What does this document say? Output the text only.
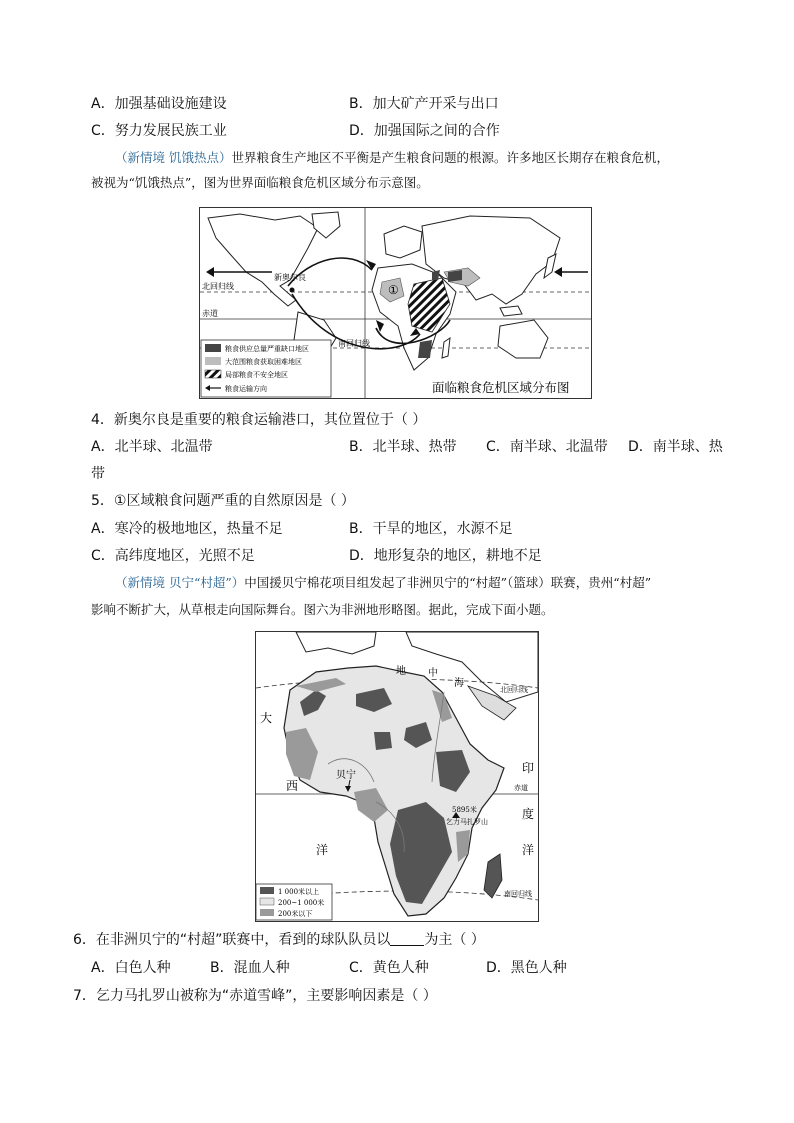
A．加强基础设施建设	B．加大矿产开采与出口
C．努力发展民族工业	D．加强国际之间的合作
（新情境 饥饿热点）世界粮食生产地区不平衡是产生粮食问题的根源。许多地区长期存在粮食危机，
被视为“饥饿热点”，图为世界面临粮食危机区域分布示意图。
新奥尔良
北回归线
赤道
南回归线
①
面临粮食危机区域分布图
粮食供应总量严重缺口地区
大范围粮食获取困难地区
局部粮食不安全地区
粮食运输方向
4．新奥尔良是重要的粮食运输港口，其位置位于（ ）
A．北半球、北温带	B．北半球、热带 C．南半球、北温带 D．南半球、热
带
5．①区域粮食问题严重的自然原因是（ ）
A．寒冷的极地地区，热量不足	B．干旱的地区，水源不足
C．高纬度地区，光照不足	D．地形复杂的地区，耕地不足
（新情境 贝宁“村超”）中国援贝宁棉花项目组发起了非洲贝宁的“村超”（篮球）联赛，贵州“村超”
影响不断扩大，从草根走向国际舞台。图六为非洲地形略图。据此，完成下面小题。
地 中
海
大
西
洋
印
度
洋
北回归线
赤道
南回归线
贝宁
5895米
乞力马扎罗山
1 000米以上
200~1 000米
200米以下
6．在非洲贝宁的“村超”联赛中，看到的球队队员以 为主（ ）
A．白色人种	B．混血人种	C．黄色人种	D．黑色人种
7．乞力马扎罗山被称为“赤道雪峰”，主要影响因素是（ ）
